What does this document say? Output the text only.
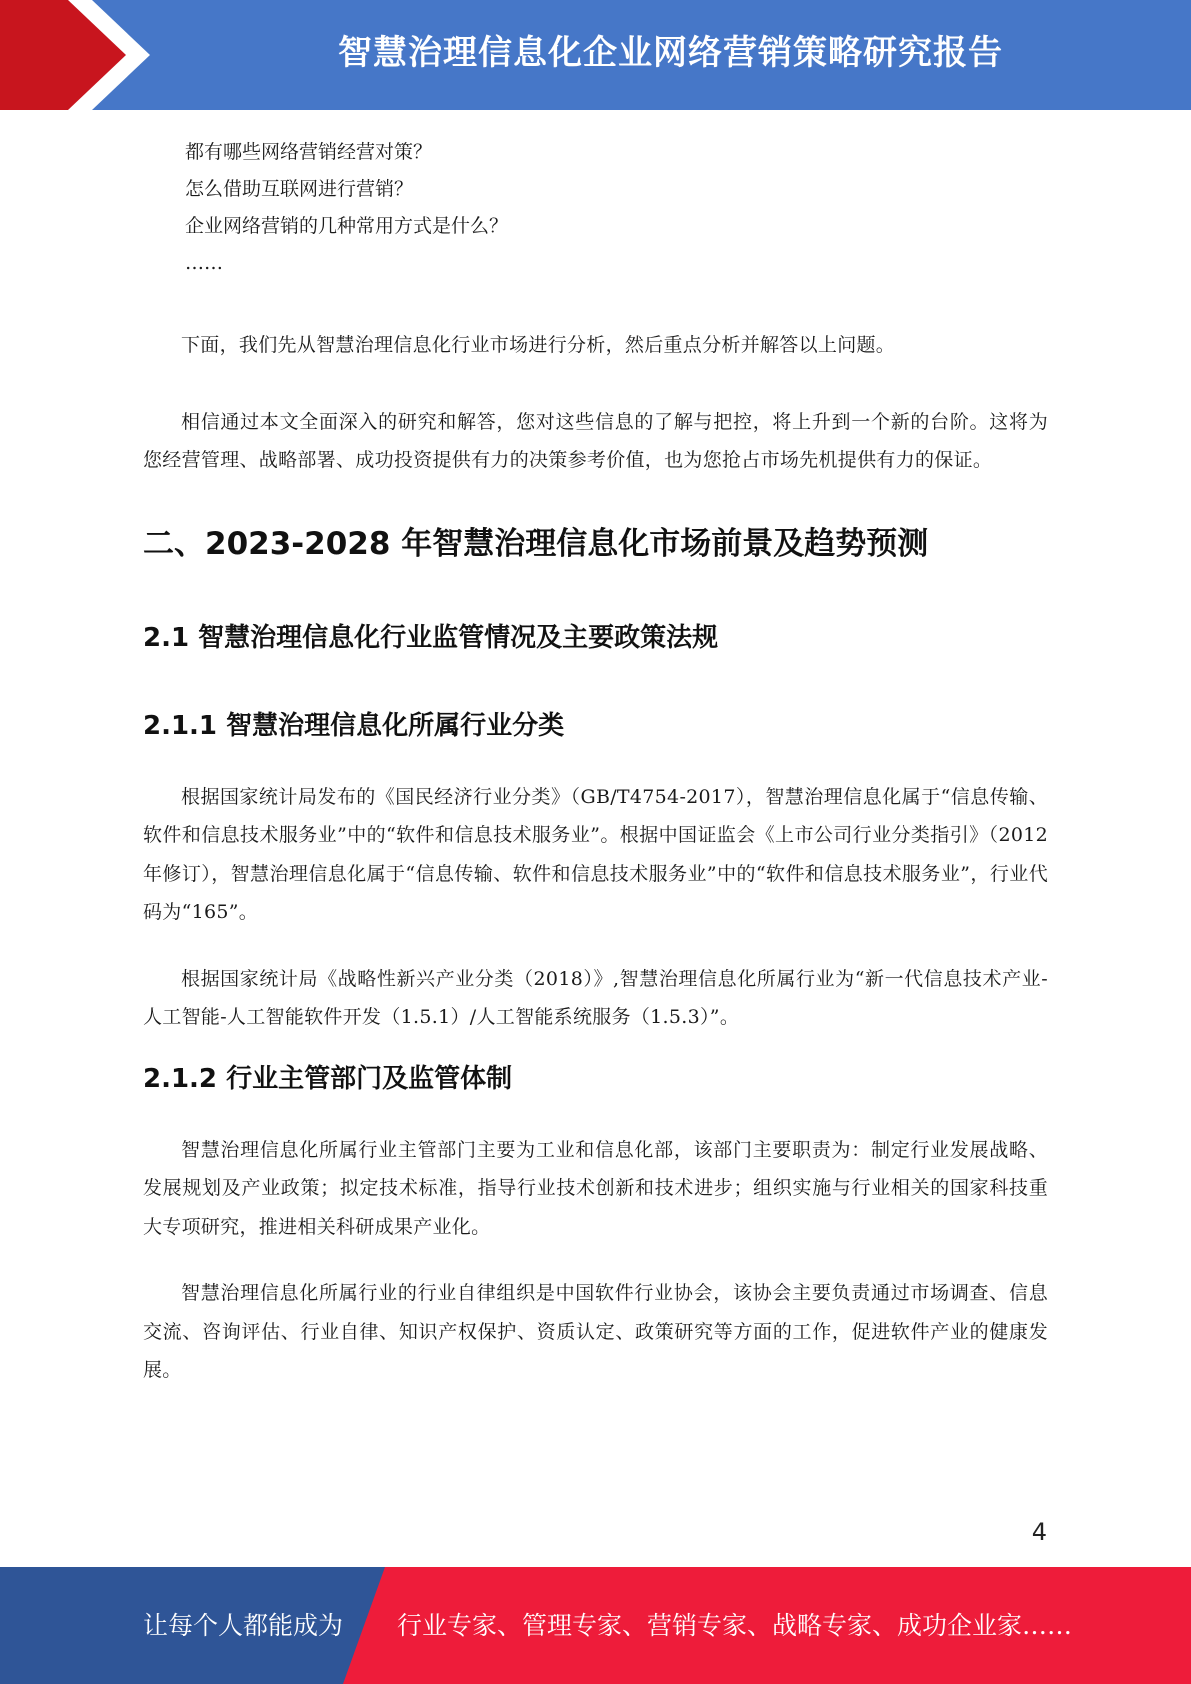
智慧治理信息化企业网络营销策略研究报告
都有哪些网络营销经营对策？
怎么借助互联网进行营销？
企业网络营销的几种常用方式是什么？
……

下面，我们先从智慧治理信息化行业市场进行分析，然后重点分析并解答以上问题。

相信通过本文全面深入的研究和解答，您对这些信息的了解与把控，将上升到一个新的台阶。这将为您经营管理、战略部署、成功投资提供有力的决策参考价值，也为您抢占市场先机提供有力的保证。

二、2023-2028 年智慧治理信息化市场前景及趋势预测
2.1 智慧治理信息化行业监管情况及主要政策法规
2.1.1 智慧治理信息化所属行业分类

根据国家统计局发布的《国民经济行业分类》（GB/T4754-2017），智慧治理信息化属于“信息传输、软件和信息技术服务业”中的“软件和信息技术服务业”。根据中国证监会《上市公司行业分类指引》（2012 年修订），智慧治理信息化属于“信息传输、软件和信息技术服务业”中的“软件和信息技术服务业”，行业代码为“165”。

根据国家统计局《战略性新兴产业分类（2018）》,智慧治理信息化所属行业为“新一代信息技术产业-人工智能-人工智能软件开发（1.5.1）/人工智能系统服务（1.5.3）”。

2.1.2 行业主管部门及监管体制

智慧治理信息化所属行业主管部门主要为工业和信息化部，该部门主要职责为：制定行业发展战略、发展规划及产业政策；拟定技术标准，指导行业技术创新和技术进步；组织实施与行业相关的国家科技重大专项研究，推进相关科研成果产业化。

智慧治理信息化所属行业的行业自律组织是中国软件行业协会，该协会主要负责通过市场调查、信息交流、咨询评估、行业自律、知识产权保护、资质认定、政策研究等方面的工作，促进软件产业的健康发展。

4
让每个人都能成为 行业专家、管理专家、营销专家、战略专家、成功企业家……
